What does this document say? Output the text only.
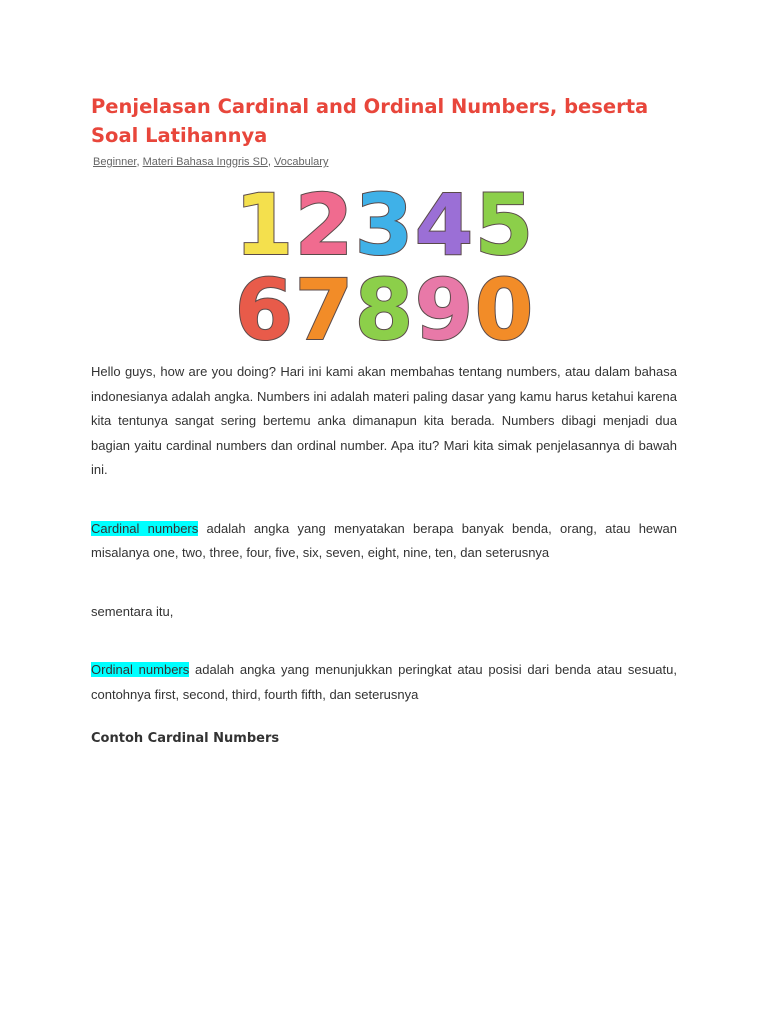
Penjelasan Cardinal and Ordinal Numbers, beserta Soal Latihannya
Beginner, Materi Bahasa Inggris SD, Vocabulary
1 2 3 4 5
6 7 8 9 0

Hello guys, how are you doing? Hari ini kami akan membahas tentang numbers, atau dalam bahasa indonesianya adalah angka. Numbers ini adalah materi paling dasar yang kamu harus ketahui karena kita tentunya sangat sering bertemu anka dimanapun kita berada. Numbers dibagi menjadi dua bagian yaitu cardinal numbers dan ordinal number. Apa itu? Mari kita simak penjelasannya di bawah ini.

Cardinal numbers adalah angka yang menyatakan berapa banyak benda, orang, atau hewan misalanya one, two, three, four, five, six, seven, eight, nine, ten, dan seterusnya

sementara itu,

Ordinal numbers adalah angka yang menunjukkan peringkat atau posisi dari benda atau sesuatu, contohnya first, second, third, fourth fifth, dan seterusnya

Contoh Cardinal Numbers
